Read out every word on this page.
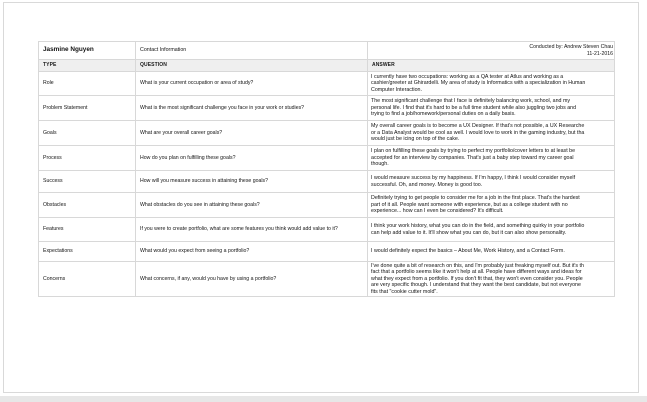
Jasmine Nguyen	Contact Information	Conducted by: Andrew Steven Chau
11-21-2016

TYPE	QUESTION	ANSWER
Role	What is your current occupation or area of study?	I currently have two occupations: working as a QA tester at Atlus and working as a
cashier/greeter at Ghirardelli. My area of study is Informatics with a specialization in Human
Computer Interaction.

Problem Statement	What is the most significant challenge you face in your work or studies?	The most significant challenge that I face is definitely balancing work, school, and my
personal life. I find that it's hard to be a full time student while also juggling two jobs and
trying to find a job/homework/personal duties on a daily basis.

Goals	What are your overall career goals?	My overall career goals is to become a UX Designer. If that's not possible, a UX Researche
or a Data Analyst would be cool as well. I would love to work in the gaming industry, but tha
would just be icing on top of the cake.

Process	How do you plan on fulfilling these goals?	I plan on fulfilling these goals by trying to perfect my portfolio/cover letters to at least be
accepted for an interview by companies. That's just a baby step toward my career goal
though.

Success	How will you measure success in attaining these goals?	I would measure success by my happiness. If I'm happy, I think I would consider myself
successful. Oh, and money. Money is good too.

Obstacles	What obstacles do you see in attaining these goals?	Definitely trying to get people to consider me for a job in the first place. That's the hardest
part of it all. People want someone with experience, but as a college student with no
experience... how can I even be considered? It's difficult.

Features	If you were to create portfolio, what are some features you think would add value to it?	I think your work history, what you can do in the field, and something quirky in your portfolio
can help add value to it. It'll show what you can do, but it can also show personality.

Expectations	What would you expect from seeing a portfolio?	I would definitely expect the basics – About Me, Work History, and a Contact Form.

Concerns	What concerns, if any, would you have by using a portfolio?	I've done quite a bit of research on this, and I'm probably just freaking myself out. But it's th
fact that a portfolio seems like it won't help at all. People have different ways and ideas for
what they expect from a portfolio. If you don't fit that, they won't even consider you. People
are very specific though. I understand that they want the best candidate, but not everyone
fits that "cookie cutter mold".
